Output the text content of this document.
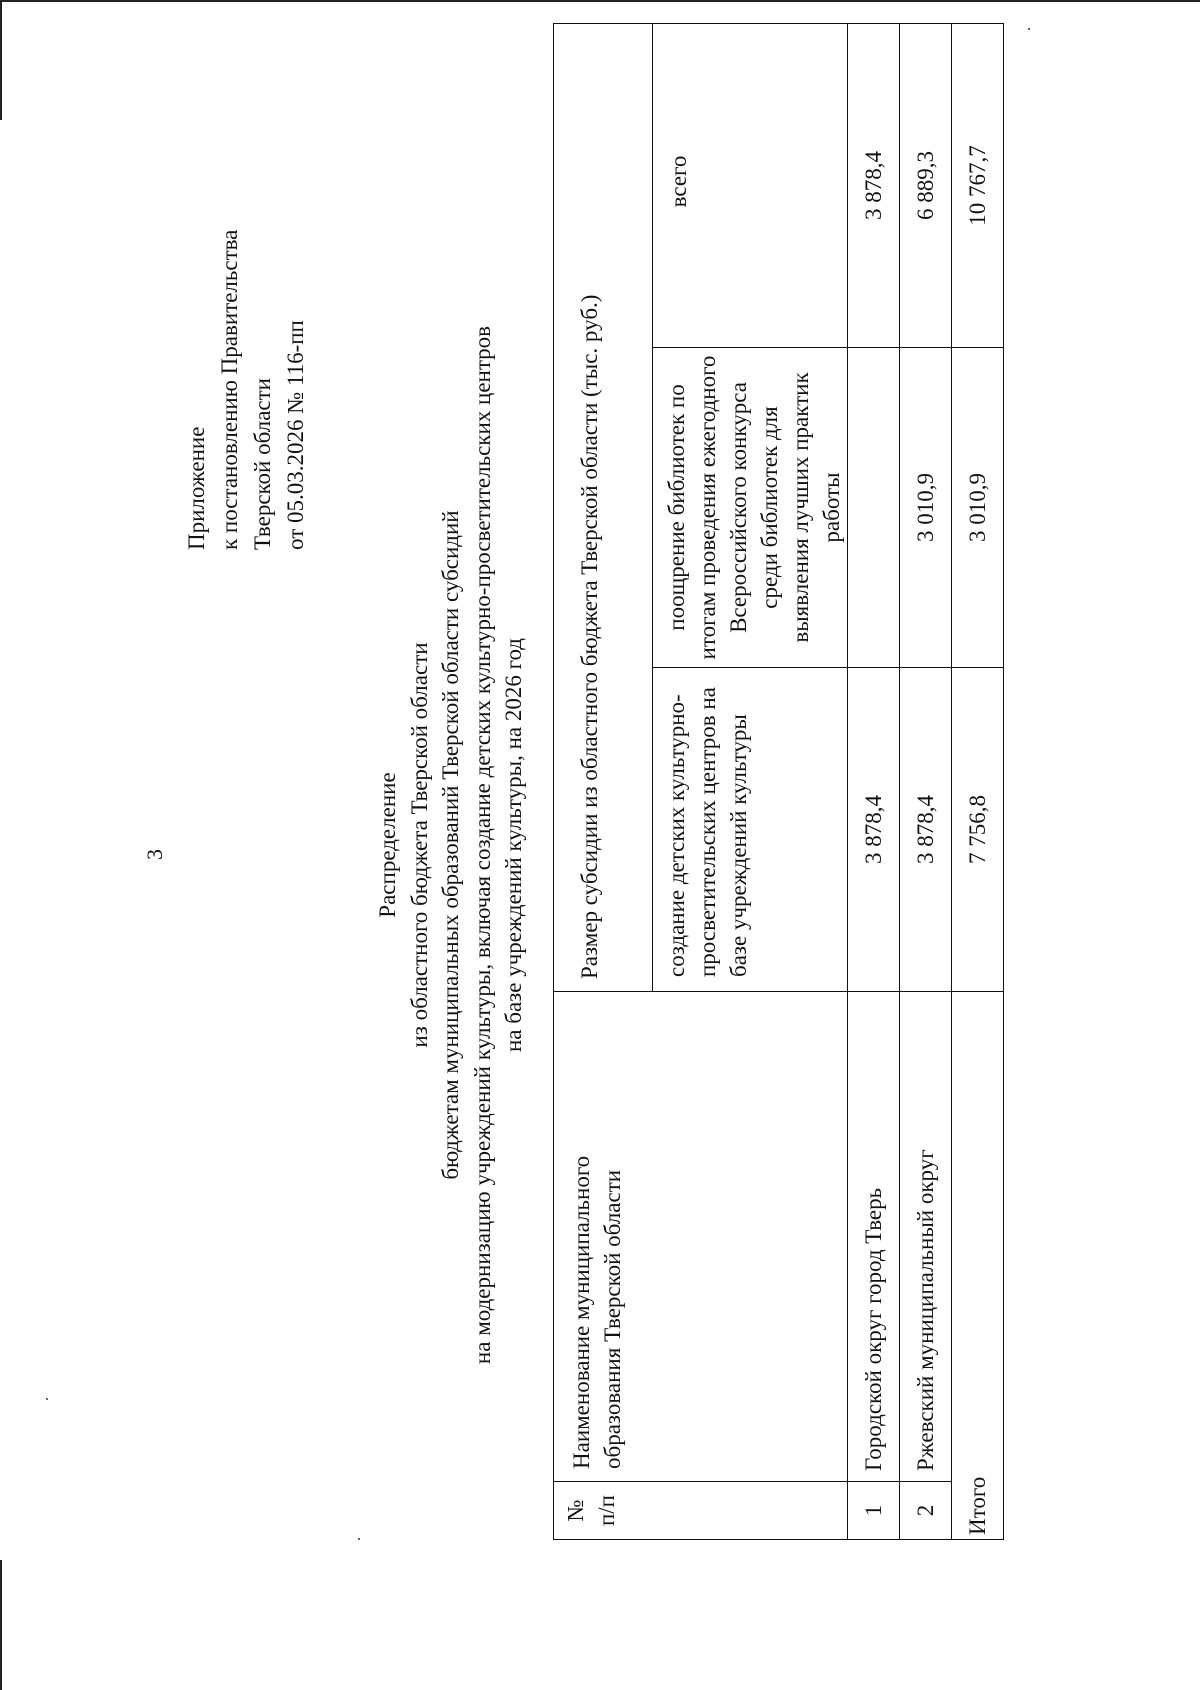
3
Приложение к постановлению Правительства Тверской области от 05.03.2026 № 116-пп
Распределение из областного бюджета Тверской области бюджетам муниципальных образований Тверской области субсидий на модернизацию учреждений культуры, включая создание детских культурно-просветительских центров на базе учреждений культуры, на 2026 год
№ п/п	Наименование муниципального образования Тверской области	Размер субсидии из областного бюджета Тверской области (тыс. руб.)		
		создание детских культурно-просветительских центров на базе учреждений культуры	поощрение библиотек по итогам проведения ежегодного Всероссийского конкурса среди библиотек для выявления лучших практик работы	всего
1	Городской округ город Тверь	3 878,4		3 878,4
2	Ржевский муниципальный округ	3 878,4	3 010,9	6 889,3
Итого		7 756,8	3 010,9	10 767,7
